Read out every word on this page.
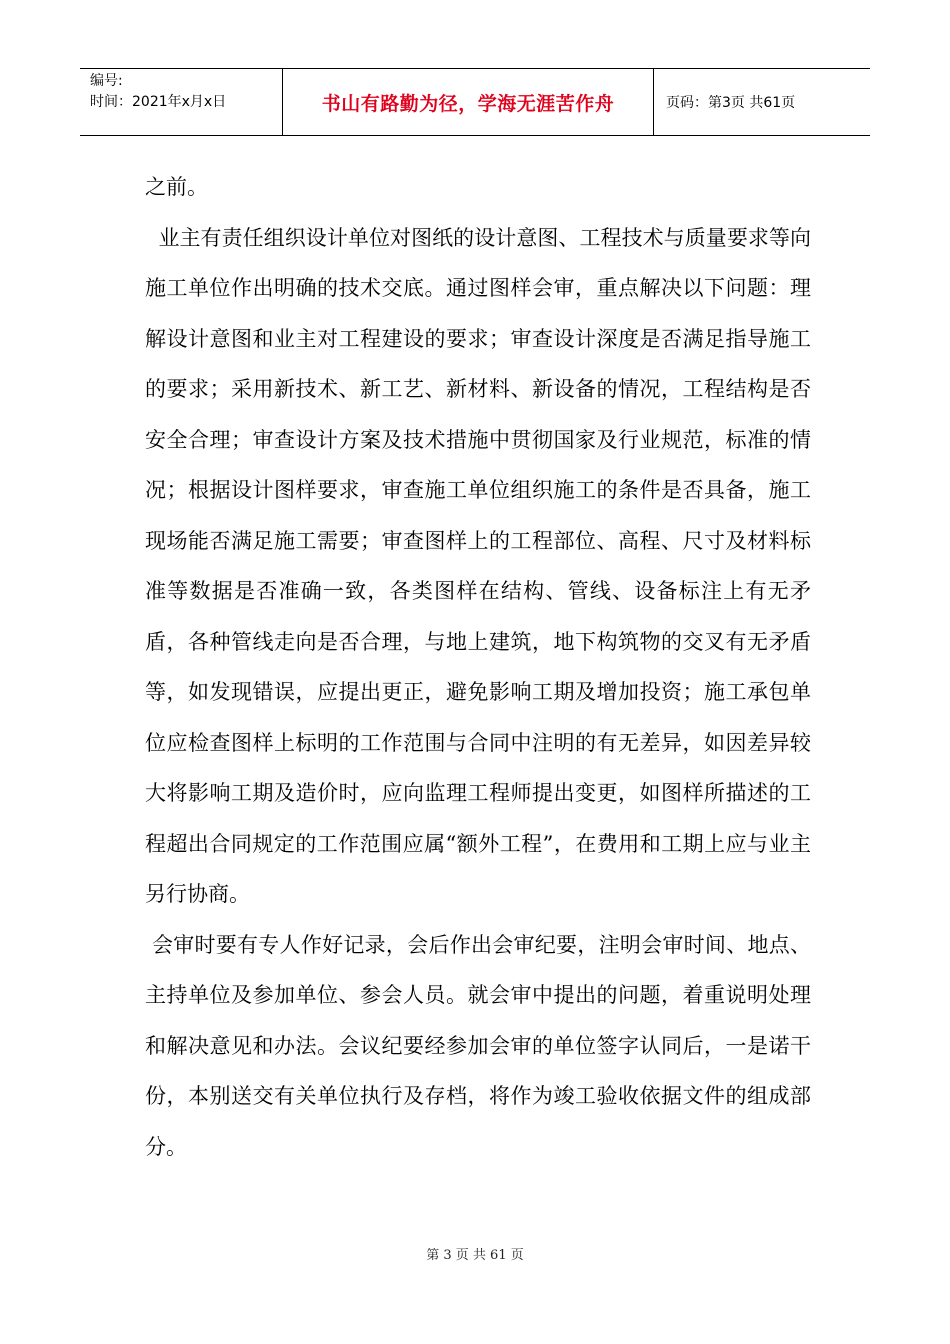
编号:
时间：2021年x月x日	书山有路勤为径，学海无涯苦作舟	页码：第3页 共61页

之前。

业主有责任组织设计单位对图纸的设计意图、工程技术与质量要求等向施工单位作出明确的技术交底。通过图样会审，重点解决以下问题：理解设计意图和业主对工程建设的要求；审查设计深度是否满足指导施工的要求；采用新技术、新工艺、新材料、新设备的情况，工程结构是否安全合理；审查设计方案及技术措施中贯彻国家及行业规范，标准的情况；根据设计图样要求，审查施工单位组织施工的条件是否具备，施工现场能否满足施工需要；审查图样上的工程部位、高程、尺寸及材料标准等数据是否准确一致，各类图样在结构、管线、设备标注上有无矛盾，各种管线走向是否合理，与地上建筑，地下构筑物的交叉有无矛盾等，如发现错误，应提出更正，避免影响工期及增加投资；施工承包单位应检查图样上标明的工作范围与合同中注明的有无差异，如因差异较大将影响工期及造价时，应向监理工程师提出变更，如图样所描述的工程超出合同规定的工作范围应属“额外工程”，在费用和工期上应与业主另行协商。

会审时要有专人作好记录，会后作出会审纪要，注明会审时间、地点、主持单位及参加单位、参会人员。就会审中提出的问题，着重说明处理和解决意见和办法。会议纪要经参加会审的单位签字认同后，一是诺干份，本别送交有关单位执行及存档，将作为竣工验收依据文件的组成部分。

第 3 页 共 61 页
